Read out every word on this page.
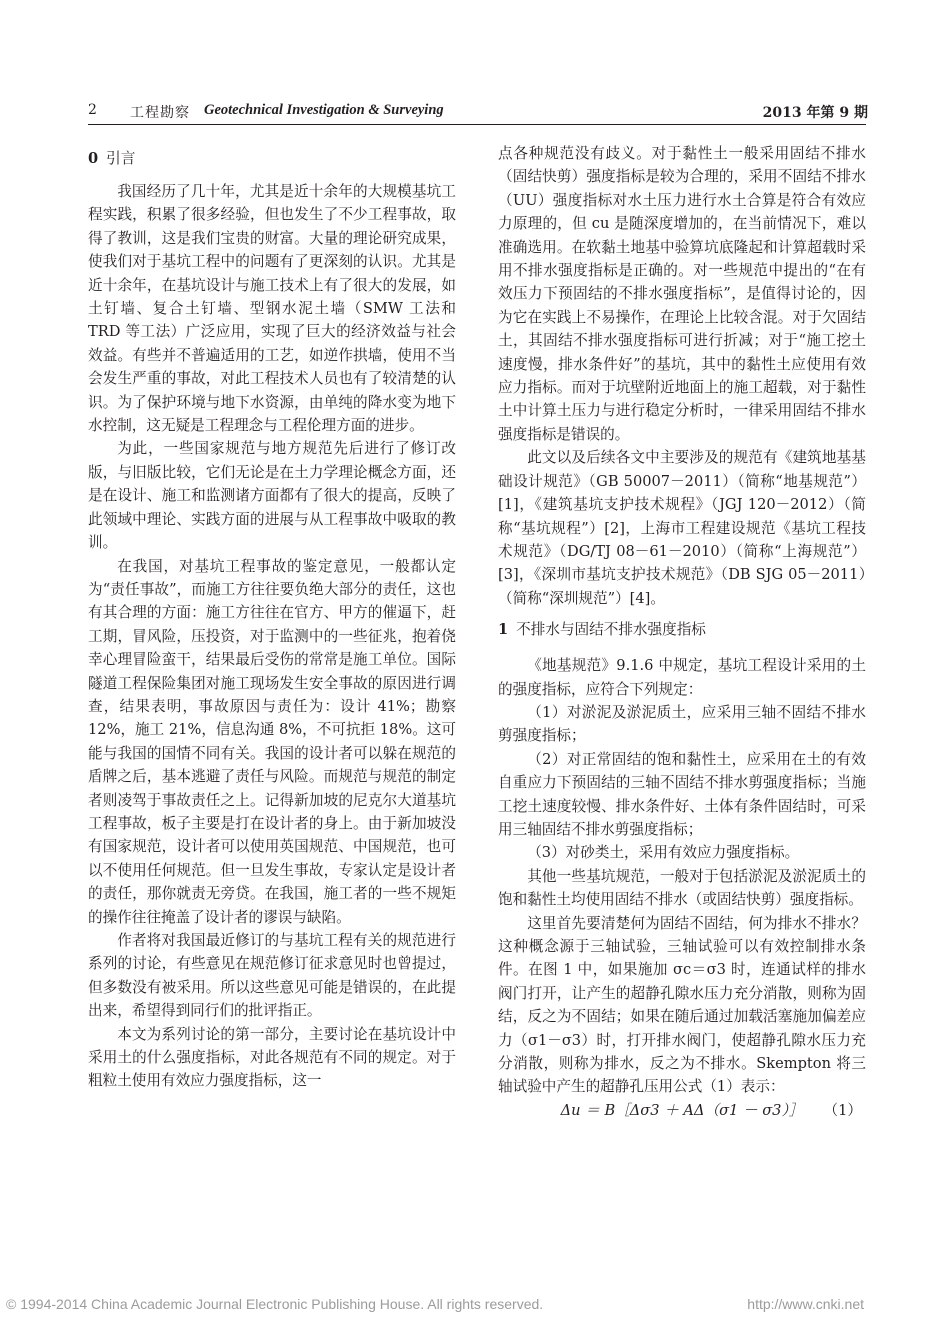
2 工程勘察 Geotechnical Investigation & Surveying	2013 年第 9 期
0 引言

我国经历了几十年，尤其是近十余年的大规模基坑工程实践，积累了很多经验，但也发生了不少工程事故，取得了教训，这是我们宝贵的财富。大量的理论研究成果，使我们对于基坑工程中的问题有了更深刻的认识。尤其是近十余年，在基坑设计与施工技术上有了很大的发展，如土钉墙、复合土钉墙、型钢水泥土墙（SMW 工法和 TRD 等工法）广泛应用，实现了巨大的经济效益与社会效益。有些并不普遍适用的工艺，如逆作拱墙，使用不当会发生严重的事故，对此工程技术人员也有了较清楚的认识。为了保护环境与地下水资源，由单纯的降水变为地下水控制，这无疑是工程理念与工程伦理方面的进步。

为此，一些国家规范与地方规范先后进行了修订改版，与旧版比较，它们无论是在土力学理论概念方面，还是在设计、施工和监测诸方面都有了很大的提高，反映了此领域中理论、实践方面的进展与从工程事故中吸取的教训。

在我国，对基坑工程事故的鉴定意见，一般都认定为“责任事故”，而施工方往往要负绝大部分的责任，这也有其合理的方面：施工方往往在官方、甲方的催逼下，赶工期，冒风险，压投资，对于监测中的一些征兆，抱着侥幸心理冒险蛮干，结果最后受伤的常常是施工单位。国际隧道工程保险集团对施工现场发生安全事故的原因进行调查，结果表明，事故原因与责任为：设计 41%；勘察 12%，施工 21%，信息沟通 8%，不可抗拒 18%。这可能与我国的国情不同有关。我国的设计者可以躲在规范的盾牌之后，基本逃避了责任与风险。而规范与规范的制定者则凌驾于事故责任之上。记得新加坡的尼克尔大道基坑工程事故，板子主要是打在设计者的身上。由于新加坡没有国家规范，设计者可以使用英国规范、中国规范，也可以不使用任何规范。但一旦发生事故，专家认定是设计者的责任，那你就责无旁贷。在我国，施工者的一些不规矩的操作往往掩盖了设计者的谬误与缺陷。

作者将对我国最近修订的与基坑工程有关的规范进行系列的讨论，有些意见在规范修订征求意见时也曾提过，但多数没有被采用。所以这些意见可能是错误的，在此提出来，希望得到同行们的批评指正。

本文为系列讨论的第一部分，主要讨论在基坑设计中采用土的什么强度指标，对此各规范有不同的规定。对于粗粒土使用有效应力强度指标，这一

点各种规范没有歧义。对于黏性土一般采用固结不排水（固结快剪）强度指标是较为合理的，采用不固结不排水（UU）强度指标对水土压力进行水土合算是符合有效应力原理的，但 cu 是随深度增加的，在当前情况下，难以准确选用。在软黏土地基中验算坑底隆起和计算超载时采用不排水强度指标是正确的。对一些规范中提出的“在有效压力下预固结的不排水强度指标”，是值得讨论的，因为它在实践上不易操作，在理论上比较含混。对于欠固结土，其固结不排水强度指标可进行折减；对于“施工挖土速度慢，排水条件好”的基坑，其中的黏性土应使用有效应力指标。而对于坑壁附近地面上的施工超载，对于黏性土中计算土压力与进行稳定分析时，一律采用固结不排水强度指标是错误的。

此文以及后续各文中主要涉及的规范有《建筑地基基础设计规范》（GB 50007－2011）（简称“地基规范”）[1]，《建筑基坑支护技术规程》（JGJ 120－2012）（简称“基坑规程”）[2]，上海市工程建设规范《基坑工程技术规范》（DG/TJ 08－61－2010）（简称“上海规范”）[3]，《深圳市基坑支护技术规范》（DB SJG 05－2011）（简称“深圳规范”）[4]。

1 不排水与固结不排水强度指标

《地基规范》9.1.6 中规定，基坑工程设计采用的土的强度指标，应符合下列规定：

（1）对淤泥及淤泥质土，应采用三轴不固结不排水剪强度指标；

（2）对正常固结的饱和黏性土，应采用在土的有效自重应力下预固结的三轴不固结不排水剪强度指标；当施工挖土速度较慢、排水条件好、土体有条件固结时，可采用三轴固结不排水剪强度指标；

（3）对砂类土，采用有效应力强度指标。

其他一些基坑规范，一般对于包括淤泥及淤泥质土的饱和黏性土均使用固结不排水（或固结快剪）强度指标。

这里首先要清楚何为固结不固结，何为排水不排水？这种概念源于三轴试验，三轴试验可以有效控制排水条件。在图 1 中，如果施加 σc＝σ3 时，连通试样的排水阀门打开，让产生的超静孔隙水压力充分消散，则称为固结，反之为不固结；如果在随后通过加载活塞施加偏差应力（σ1－σ3）时，打开排水阀门，使超静孔隙水压力充分消散，则称为排水，反之为不排水。Skempton 将三轴试验中产生的超静孔压用公式（1）表示：

Δu ＝ B［Δσ3 ＋ AΔ（σ1 － σ3）］ （1）
© 1994-2014 China Academic Journal Electronic Publishing House. All rights reserved.	http://www.cnki.net
